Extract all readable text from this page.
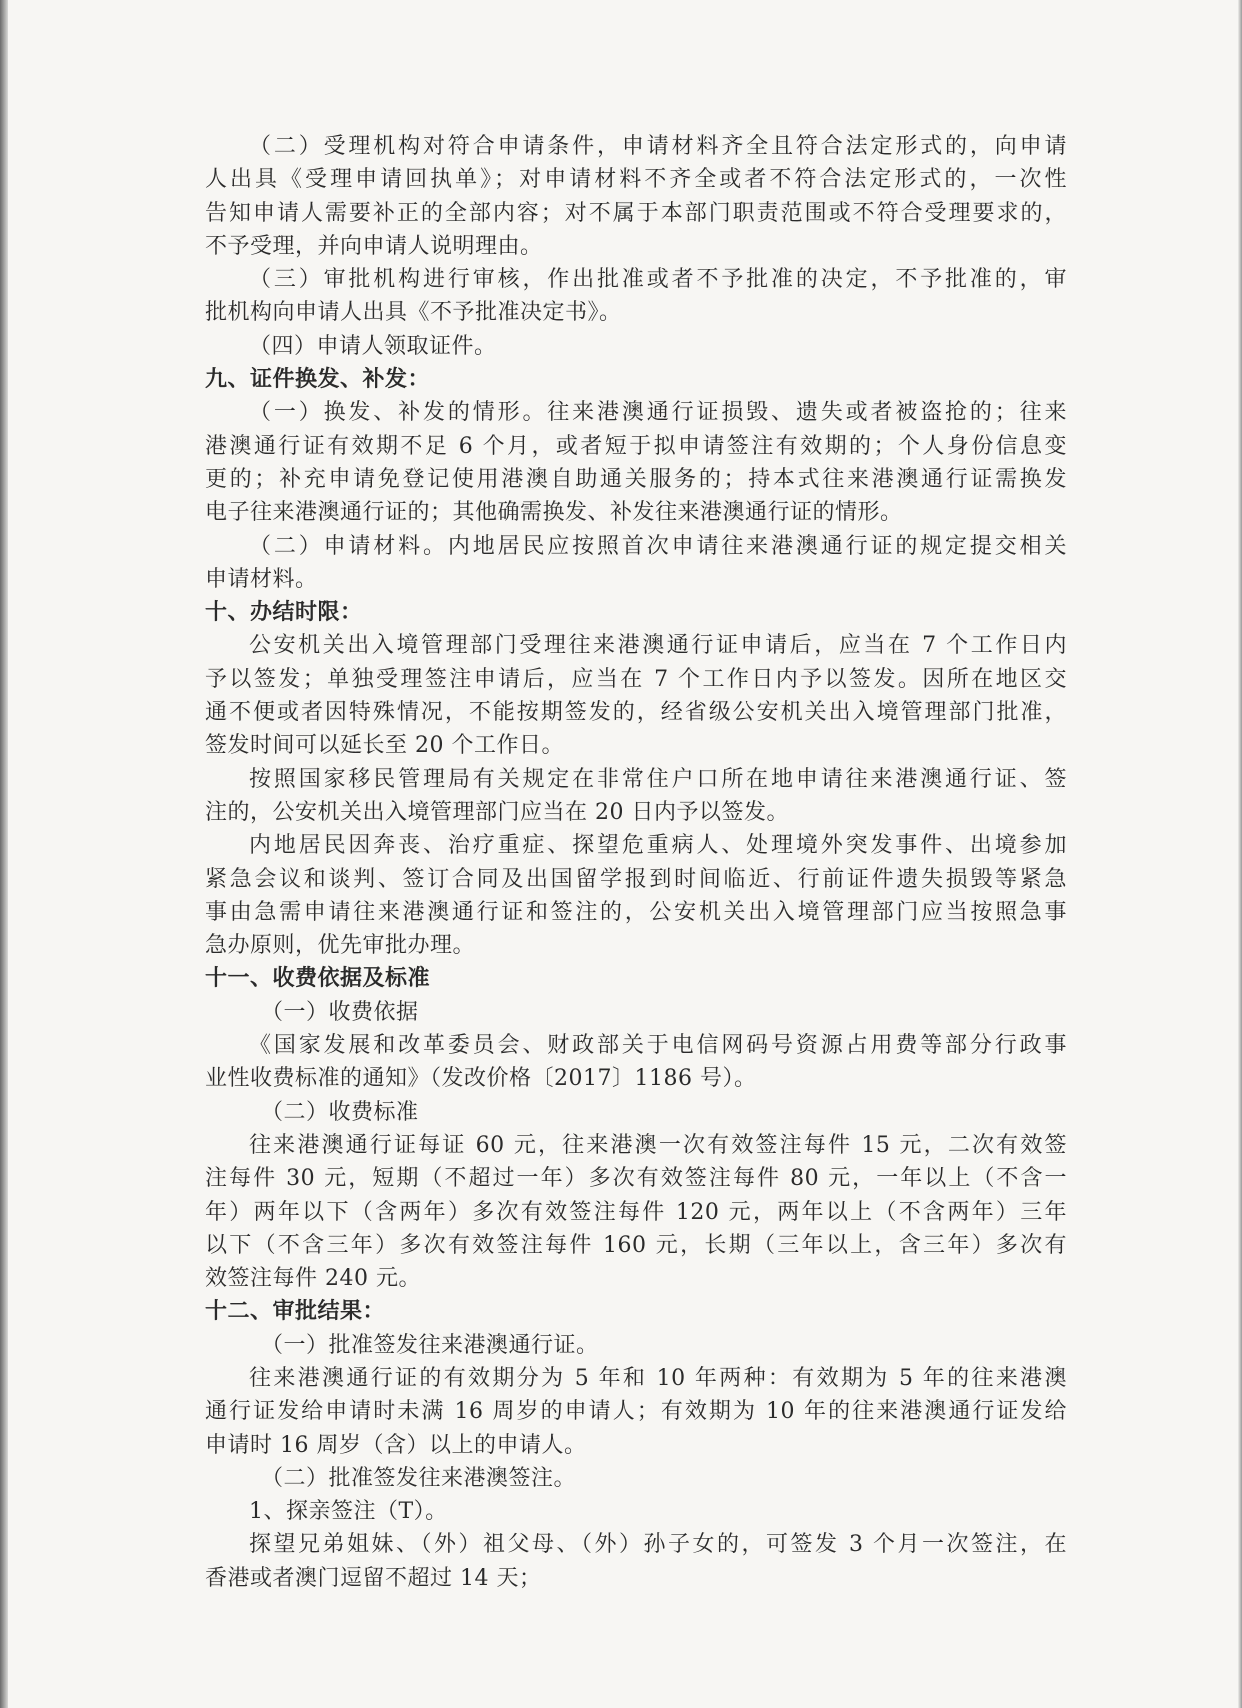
（二）受理机构对符合申请条件，申请材料齐全且符合法定形式的，向申请
人出具《受理申请回执单》；对申请材料不齐全或者不符合法定形式的，一次性
告知申请人需要补正的全部内容；对不属于本部门职责范围或不符合受理要求的，
不予受理，并向申请人说明理由。
（三）审批机构进行审核，作出批准或者不予批准的决定，不予批准的，审
批机构向申请人出具《不予批准决定书》。
（四）申请人领取证件。
九、证件换发、补发：
（一）换发、补发的情形。往来港澳通行证损毁、遗失或者被盗抢的；往来
港澳通行证有效期不足 6 个月，或者短于拟申请签注有效期的；个人身份信息变
更的；补充申请免登记使用港澳自助通关服务的；持本式往来港澳通行证需换发
电子往来港澳通行证的；其他确需换发、补发往来港澳通行证的情形。
（二）申请材料。内地居民应按照首次申请往来港澳通行证的规定提交相关
申请材料。
十、办结时限：
公安机关出入境管理部门受理往来港澳通行证申请后，应当在 7 个工作日内
予以签发；单独受理签注申请后，应当在 7 个工作日内予以签发。因所在地区交
通不便或者因特殊情况，不能按期签发的，经省级公安机关出入境管理部门批准，
签发时间可以延长至 20 个工作日。
按照国家移民管理局有关规定在非常住户口所在地申请往来港澳通行证、签
注的，公安机关出入境管理部门应当在 20 日内予以签发。
内地居民因奔丧、治疗重症、探望危重病人、处理境外突发事件、出境参加
紧急会议和谈判、签订合同及出国留学报到时间临近、行前证件遗失损毁等紧急
事由急需申请往来港澳通行证和签注的，公安机关出入境管理部门应当按照急事
急办原则，优先审批办理。
十一、收费依据及标准
（一）收费依据
《国家发展和改革委员会、财政部关于电信网码号资源占用费等部分行政事
业性收费标准的通知》（发改价格〔2017〕1186 号）。
（二）收费标准
往来港澳通行证每证 60 元，往来港澳一次有效签注每件 15 元，二次有效签
注每件 30 元，短期（不超过一年）多次有效签注每件 80 元，一年以上（不含一
年）两年以下（含两年）多次有效签注每件 120 元，两年以上（不含两年）三年
以下（不含三年）多次有效签注每件 160 元，长期（三年以上，含三年）多次有
效签注每件 240 元。
十二、审批结果：
（一）批准签发往来港澳通行证。
往来港澳通行证的有效期分为 5 年和 10 年两种：有效期为 5 年的往来港澳
通行证发给申请时未满 16 周岁的申请人；有效期为 10 年的往来港澳通行证发给
申请时 16 周岁（含）以上的申请人。
（二）批准签发往来港澳签注。
1、探亲签注（T）。
探望兄弟姐妹、（外）祖父母、（外）孙子女的，可签发 3 个月一次签注，在
香港或者澳门逗留不超过 14 天；
